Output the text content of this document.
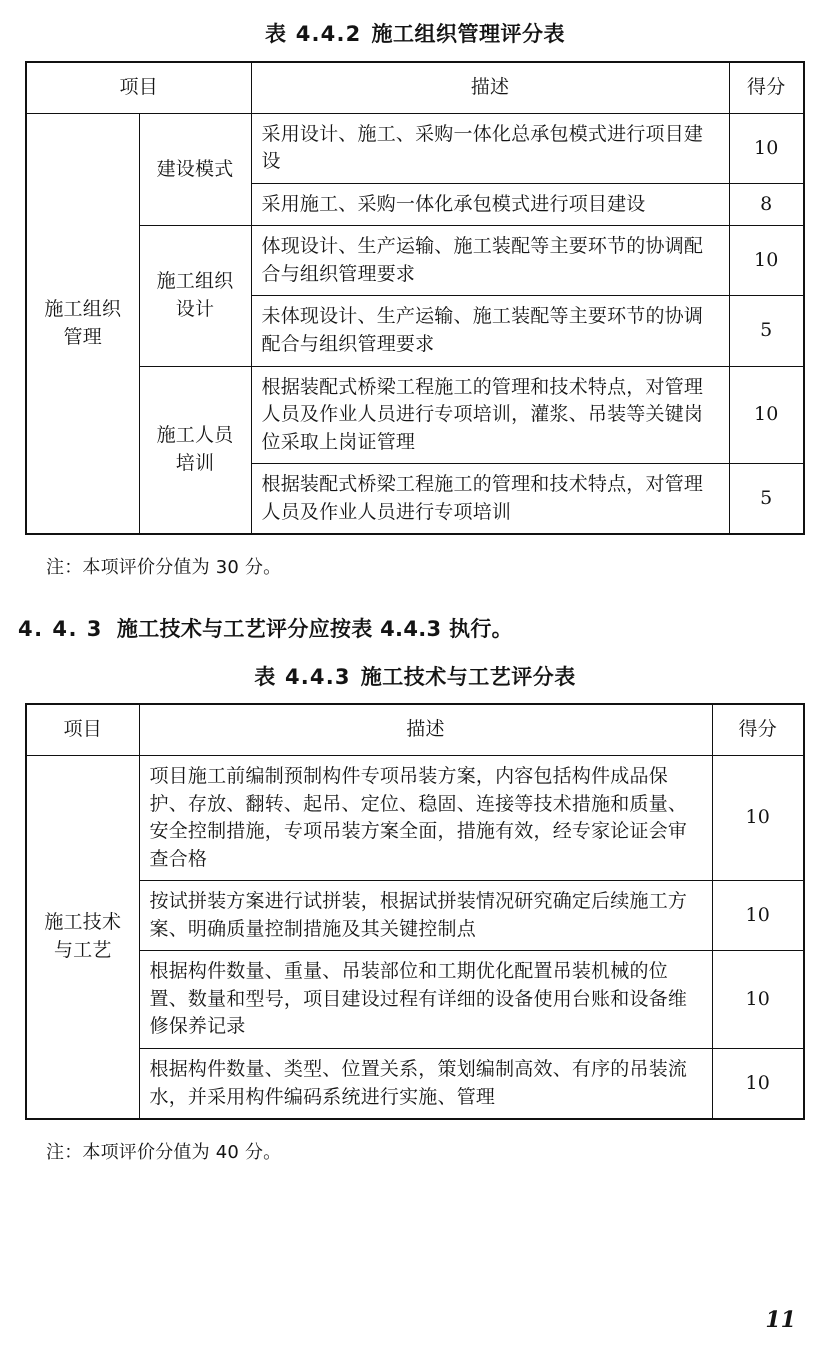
表 4.4.2 施工组织管理评分表
项目		描述	得分
施工组织管理	建设模式	采用设计、施工、采购一体化总承包模式进行项目建设	10
		采用施工、采购一体化承包模式进行项目建设	8
	施工组织设计	体现设计、生产运输、施工装配等主要环节的协调配合与组织管理要求	10
		未体现设计、生产运输、施工装配等主要环节的协调配合与组织管理要求	5
	施工人员培训	根据装配式桥梁工程施工的管理和技术特点，对管理人员及作业人员进行专项培训，灌浆、吊装等关键岗位采取上岗证管理	10
		根据装配式桥梁工程施工的管理和技术特点，对管理人员及作业人员进行专项培训	5
注：本项评价分值为 30 分。
4. 4. 3 施工技术与工艺评分应按表 4.4.3 执行。
表 4.4.3 施工技术与工艺评分表
项目	描述	得分
施工技术与工艺	项目施工前编制预制构件专项吊装方案，内容包括构件成品保护、存放、翻转、起吊、定位、稳固、连接等技术措施和质量、安全控制措施，专项吊装方案全面，措施有效，经专家论证会审查合格	10
	按试拼装方案进行试拼装，根据试拼装情况研究确定后续施工方案、明确质量控制措施及其关键控制点	10
	根据构件数量、重量、吊装部位和工期优化配置吊装机械的位置、数量和型号，项目建设过程有详细的设备使用台账和设备维修保养记录	10
	根据构件数量、类型、位置关系，策划编制高效、有序的吊装流水，并采用构件编码系统进行实施、管理	10
注：本项评价分值为 40 分。
11
